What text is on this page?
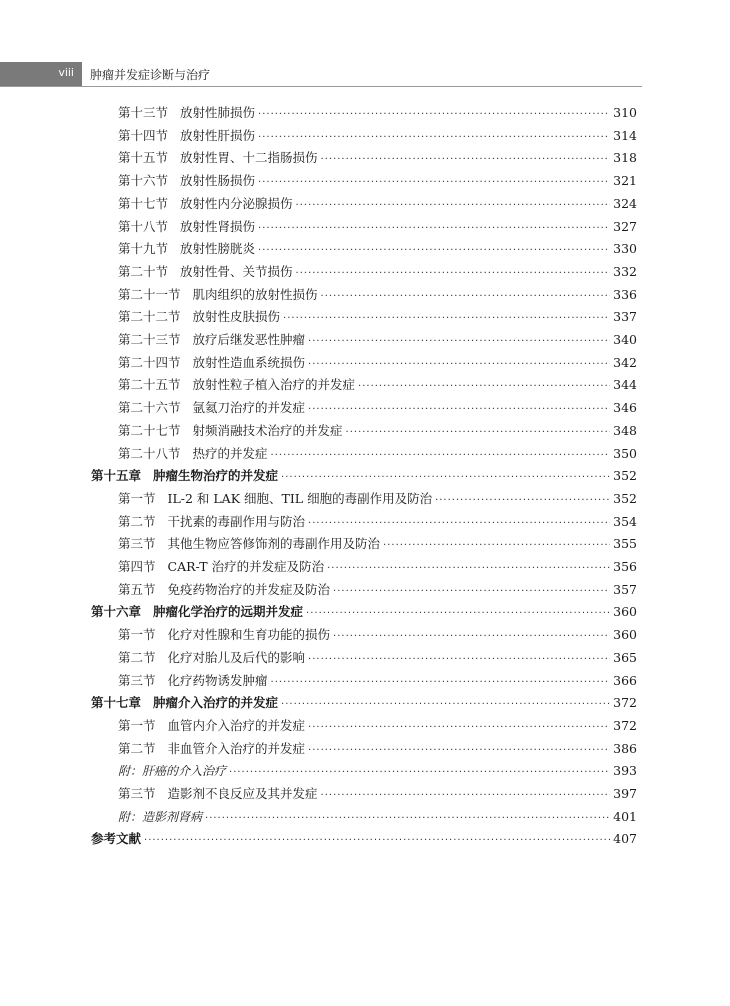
viii 肿瘤并发症诊断与治疗
第十三节 放射性肺损伤 ·····	310
第十四节 放射性肝损伤 ·····	314
第十五节 放射性胃、十二指肠损伤 ·····	318
第十六节 放射性肠损伤 ·····	321
第十七节 放射性内分泌腺损伤 ·····	324
第十八节 放射性肾损伤 ·····	327
第十九节 放射性膀胱炎 ·····	330
第二十节 放射性骨、关节损伤 ·····	332
第二十一节 肌肉组织的放射性损伤 ·····	336
第二十二节 放射性皮肤损伤 ·····	337
第二十三节 放疗后继发恶性肿瘤 ·····	340
第二十四节 放射性造血系统损伤 ·····	342
第二十五节 放射性粒子植入治疗的并发症 ·····	344
第二十六节 氩氦刀治疗的并发症 ·····	346
第二十七节 射频消融技术治疗的并发症 ·····	348
第二十八节 热疗的并发症 ·····	350
第十五章 肿瘤生物治疗的并发症 ·····	352
第一节 IL-2 和 LAK 细胞、TIL 细胞的毒副作用及防治 ·····	352
第二节 干扰素的毒副作用与防治 ·····	354
第三节 其他生物应答修饰剂的毒副作用及防治 ·····	355
第四节 CAR-T 治疗的并发症及防治 ·····	356
第五节 免疫药物治疗的并发症及防治 ·····	357
第十六章 肿瘤化学治疗的远期并发症 ·····	360
第一节 化疗对性腺和生育功能的损伤 ·····	360
第二节 化疗对胎儿及后代的影响 ·····	365
第三节 化疗药物诱发肿瘤 ·····	366
第十七章 肿瘤介入治疗的并发症 ·····	372
第一节 血管内介入治疗的并发症 ·····	372
第二节 非血管介入治疗的并发症 ·····	386
附：肝癌的介入治疗 ·····	393
第三节 造影剂不良反应及其并发症 ·····	397
附：造影剂肾病 ·····	401
参考文献 ·····	407
